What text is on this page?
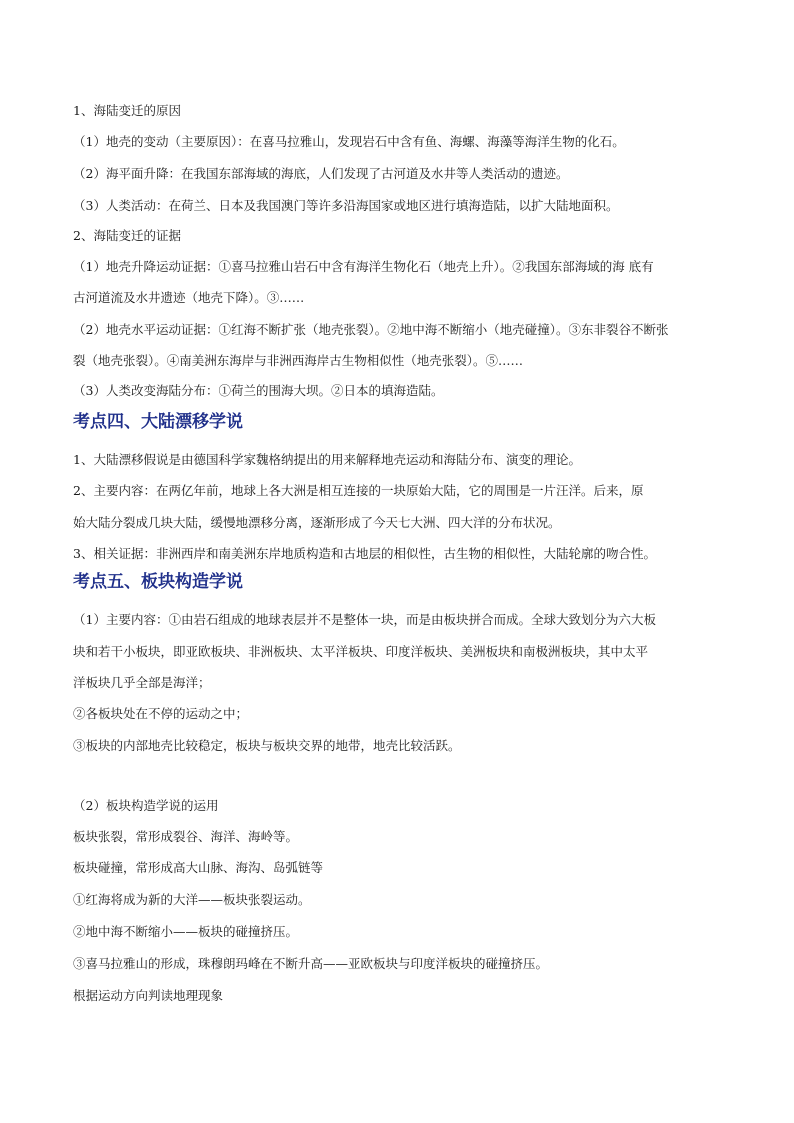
1、海陆变迁的原因
（1）地壳的变动（主要原因）：在喜马拉雅山，发现岩石中含有鱼、海螺、海藻等海洋生物的化石。
（2）海平面升降：在我国东部海域的海底，人们发现了古河道及水井等人类活动的遗迹。
（3）人类活动：在荷兰、日本及我国澳门等许多沿海国家或地区进行填海造陆，以扩大陆地面积。
2、海陆变迁的证据
（1）地壳升降运动证据：①喜马拉雅山岩石中含有海洋生物化石（地壳上升）。②我国东部海域的海 底有
古河道流及水井遗迹（地壳下降）。③……
（2）地壳水平运动证据：①红海不断扩张（地壳张裂）。②地中海不断缩小（地壳碰撞）。③东非裂谷不断张
裂（地壳张裂）。④南美洲东海岸与非洲西海岸古生物相似性（地壳张裂）。⑤……
（3）人类改变海陆分布：①荷兰的围海大坝。②日本的填海造陆。
考点四、大陆漂移学说
1、大陆漂移假说是由德国科学家魏格纳提出的用来解释地壳运动和海陆分布、演变的理论。
2、主要内容：在两亿年前，地球上各大洲是相互连接的一块原始大陆，它的周围是一片汪洋。后来，原
始大陆分裂成几块大陆，缓慢地漂移分离，逐渐形成了今天七大洲、四大洋的分布状况。
3、相关证据：非洲西岸和南美洲东岸地质构造和古地层的相似性，古生物的相似性，大陆轮廓的吻合性。
考点五、板块构造学说
（1）主要内容：①由岩石组成的地球表层并不是整体一块，而是由板块拼合而成。全球大致划分为六大板
块和若干小板块，即亚欧板块、非洲板块、太平洋板块、印度洋板块、美洲板块和南极洲板块，其中太平
洋板块几乎全部是海洋；
②各板块处在不停的运动之中；
③板块的内部地壳比较稳定，板块与板块交界的地带，地壳比较活跃。
（2）板块构造学说的运用
板块张裂，常形成裂谷、海洋、海岭等。
板块碰撞，常形成高大山脉、海沟、岛弧链等
①红海将成为新的大洋——板块张裂运动。
②地中海不断缩小——板块的碰撞挤压。
③喜马拉雅山的形成，珠穆朗玛峰在不断升高——亚欧板块与印度洋板块的碰撞挤压。
根据运动方向判读地理现象
